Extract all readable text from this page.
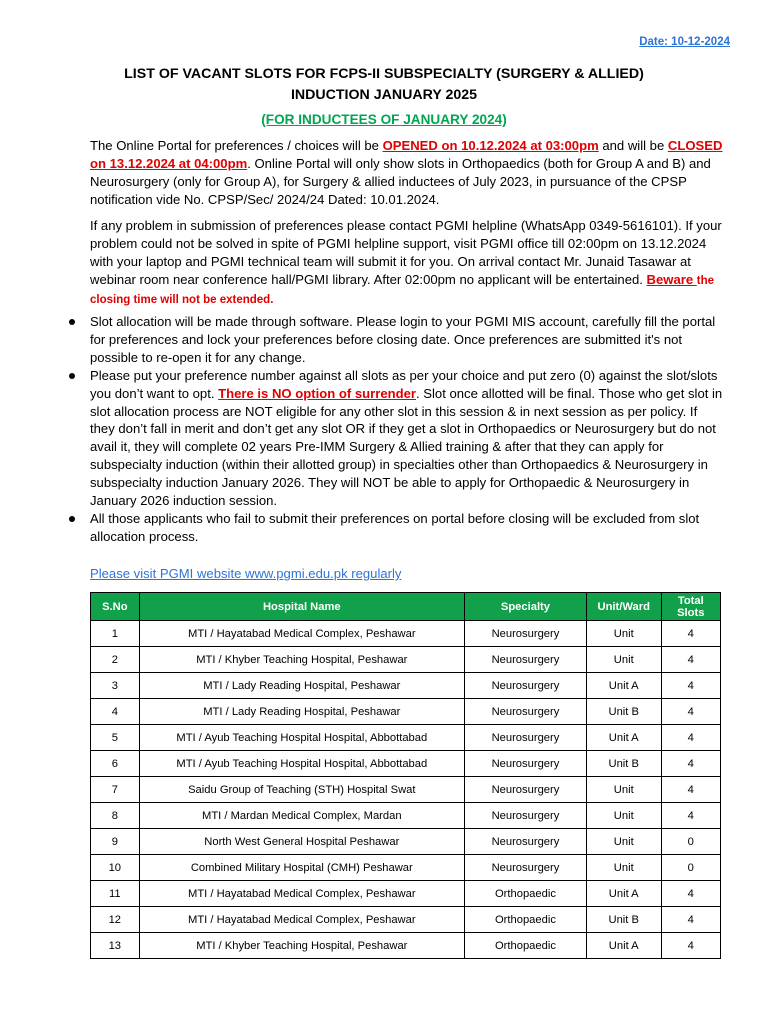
Date: 10-12-2024
LIST OF VACANT SLOTS FOR FCPS-II SUBSPECIALTY (SURGERY & ALLIED)
INDUCTION JANUARY 2025
(FOR INDUCTEES OF JANUARY 2024)
The Online Portal for preferences / choices will be OPENED on 10.12.2024 at 03:00pm and will be CLOSED on 13.12.2024 at 04:00pm. Online Portal will only show slots in Orthopaedics (both for Group A and B) and Neurosurgery (only for Group A), for Surgery & allied inductees of July 2023, in pursuance of the CPSP notification vide No. CPSP/Sec/ 2024/24 Dated: 10.01.2024.
If any problem in submission of preferences please contact PGMI helpline (WhatsApp 0349-5616101). If your problem could not be solved in spite of PGMI helpline support, visit PGMI office till 02:00pm on 13.12.2024 with your laptop and PGMI technical team will submit it for you. On arrival contact Mr. Junaid Tasawar at webinar room near conference hall/PGMI library. After 02:00pm no applicant will be entertained. Beware the closing time will not be extended.
Slot allocation will be made through software. Please login to your PGMI MIS account, carefully fill the portal for preferences and lock your preferences before closing date. Once preferences are submitted it's not possible to re-open it for any change.
Please put your preference number against all slots as per your choice and put zero (0) against the slot/slots you don’t want to opt. There is NO option of surrender. Slot once allotted will be final. Those who get slot in slot allocation process are NOT eligible for any other slot in this session & in next session as per policy. If they don’t fall in merit and don’t get any slot OR if they get a slot in Orthopaedics or Neurosurgery but do not avail it, they will complete 02 years Pre-IMM Surgery & Allied training & after that they can apply for subspecialty induction (within their allotted group) in specialties other than Orthopaedics & Neurosurgery in subspecialty induction January 2026. They will NOT be able to apply for Orthopaedic & Neurosurgery in January 2026 induction session.
All those applicants who fail to submit their preferences on portal before closing will be excluded from slot allocation process.
Please visit PGMI website www.pgmi.edu.pk regularly
S.No	Hospital Name	Specialty	Unit/Ward	Total
Slots
1	MTI / Hayatabad Medical Complex, Peshawar	Neurosurgery	Unit	4
2	MTI / Khyber Teaching Hospital, Peshawar	Neurosurgery	Unit	4
3	MTI / Lady Reading Hospital, Peshawar	Neurosurgery	Unit A	4
4	MTI / Lady Reading Hospital, Peshawar	Neurosurgery	Unit B	4
5	MTI / Ayub Teaching Hospital Hospital, Abbottabad	Neurosurgery	Unit A	4
6	MTI / Ayub Teaching Hospital Hospital, Abbottabad	Neurosurgery	Unit B	4
7	Saidu Group of Teaching (STH) Hospital Swat	Neurosurgery	Unit	4
8	MTI / Mardan Medical Complex, Mardan	Neurosurgery	Unit	4
9	North West General Hospital Peshawar	Neurosurgery	Unit	0
10	Combined Military Hospital (CMH) Peshawar	Neurosurgery	Unit	0
11	MTI / Hayatabad Medical Complex, Peshawar	Orthopaedic	Unit A	4
12	MTI / Hayatabad Medical Complex, Peshawar	Orthopaedic	Unit B	4
13	MTI / Khyber Teaching Hospital, Peshawar	Orthopaedic	Unit A	4
